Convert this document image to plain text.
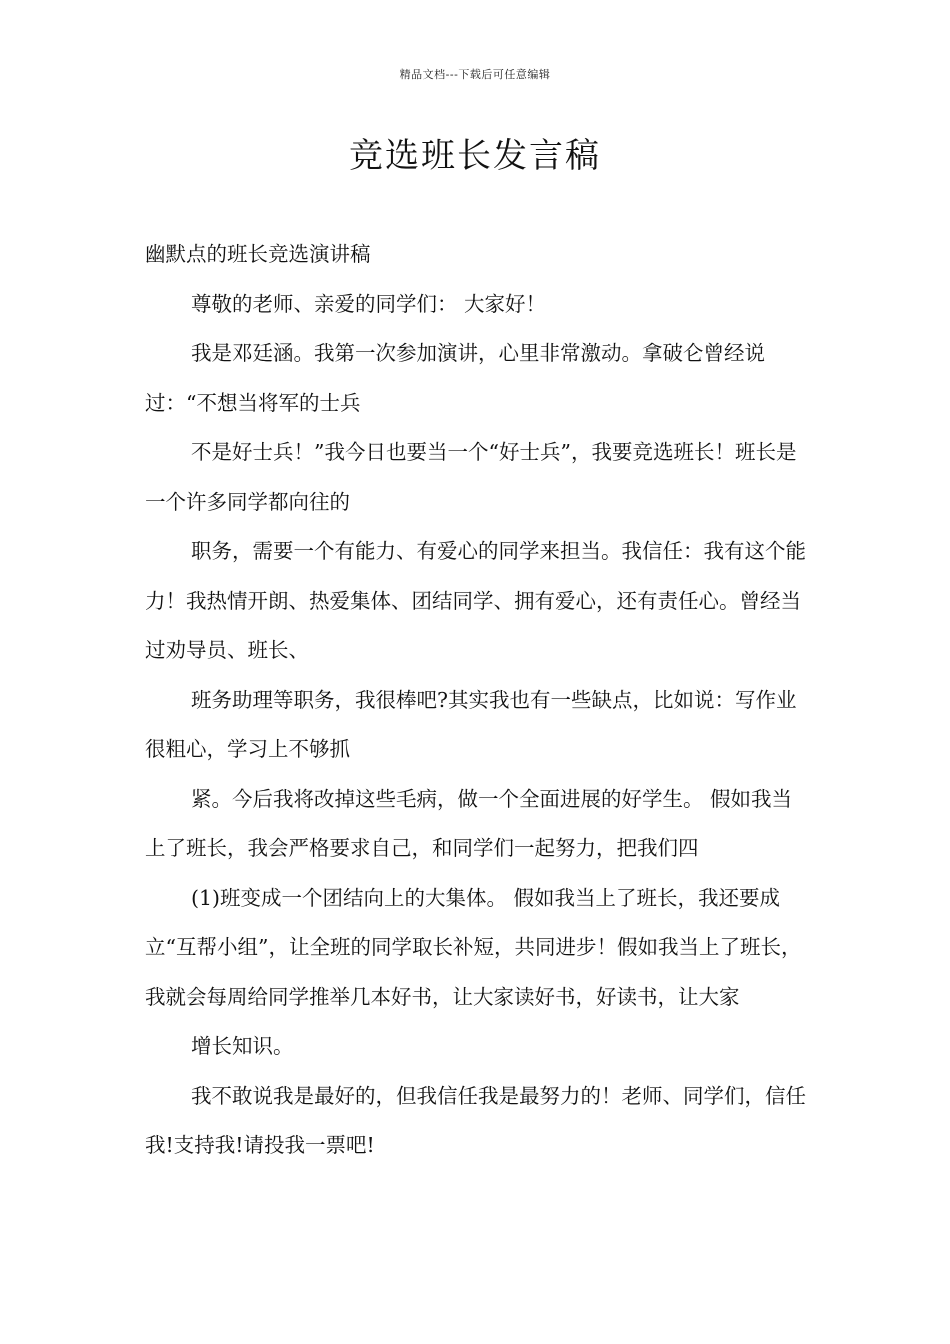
精品文档---下载后可任意编辑
竞选班长发言稿

幽默点的班长竞选演讲稿

尊敬的老师、亲爱的同学们： 大家好！

我是邓廷涵。我第一次参加演讲，心里非常激动。拿破仑曾经说过：“不想当将军的士兵

不是好士兵！”我今日也要当一个“好士兵”，我要竞选班长！班长是一个许多同学都向往的

职务，需要一个有能力、有爱心的同学来担当。我信任：我有这个能力！我热情开朗、热爱集体、团结同学、拥有爱心，还有责任心。曾经当过劝导员、班长、

班务助理等职务，我很棒吧?其实我也有一些缺点，比如说：写作业很粗心，学习上不够抓

紧。今后我将改掉这些毛病，做一个全面进展的好学生。 假如我当上了班长，我会严格要求自己，和同学们一起努力，把我们四

(1)班变成一个团结向上的大集体。 假如我当上了班长，我还要成立“互帮小组”，让全班的同学取长补短，共同进步！假如我当上了班长，我就会每周给同学推举几本好书，让大家读好书，好读书，让大家

增长知识。

我不敢说我是最好的，但我信任我是最努力的！老师、同学们，信任我!支持我!请投我一票吧!
